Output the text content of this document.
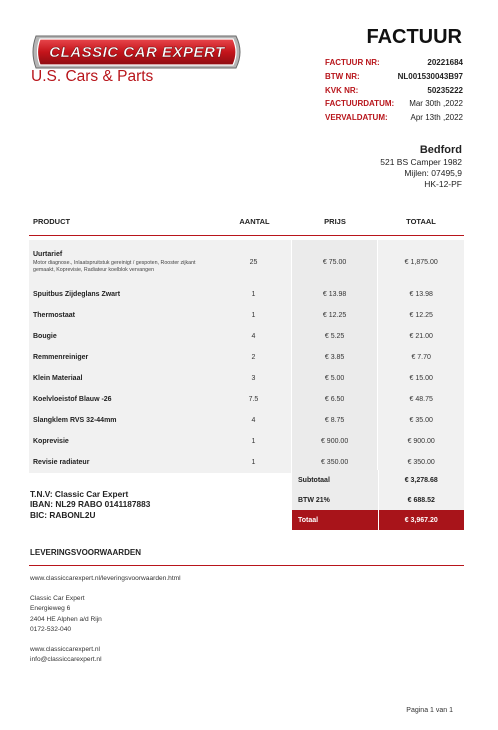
CLASSIC CAR EXPERT
U.S. Cars & Parts
FACTUUR
FACTUUR NR:	20221684
BTW NR:	NL001530043B97
KVK NR:	50235222
FACTUURDATUM: Mar 30th ,2022
VERVALDATUM:	Apr 13th ,2022
Bedford
521 BS Camper 1982
Mijlen: 07495,9
HK-12-PF
PRODUCT	AANTAL	PRIJS	TOTAAL
Uurtarief
Motor diagnose., Inlaatspruitstuk gereinigt / gespoten, Rooster zijkant gemaakt, Koprevisie, Radiateur koelblok vervangen
25	€ 75.00	€ 1,875.00
Spuitbus Zijdeglans Zwart	1	€ 13.98	€ 13.98
Thermostaat	1	€ 12.25	€ 12.25
Bougie	4	€ 5.25	€ 21.00
Remmenreiniger	2	€ 3.85	€ 7.70
Klein Materiaal	3	€ 5.00	€ 15.00
Koelvloeistof Blauw -26	7.5	€ 6.50	€ 48.75
Slangklem RVS 32-44mm	4	€ 8.75	€ 35.00
Koprevisie	1	€ 900.00	€ 900.00
Revisie radiateur	1	€ 350.00	€ 350.00
Subtotaal	€ 3,278.68
BTW 21%	€ 688.52
Totaal	€ 3,967.20
T.N.V: Classic Car Expert
IBAN: NL29 RABO 0141187883
BIC: RABONL2U
LEVERINGSVOORWAARDEN
www.classiccarexpert.nl/leveringsvoorwaarden.html
Classic Car Expert
Energieweg 6
2404 HE Alphen a/d Rijn
0172-532-040
www.classiccarexpert.nl
info@classiccarexpert.nl
Pagina 1 van 1
